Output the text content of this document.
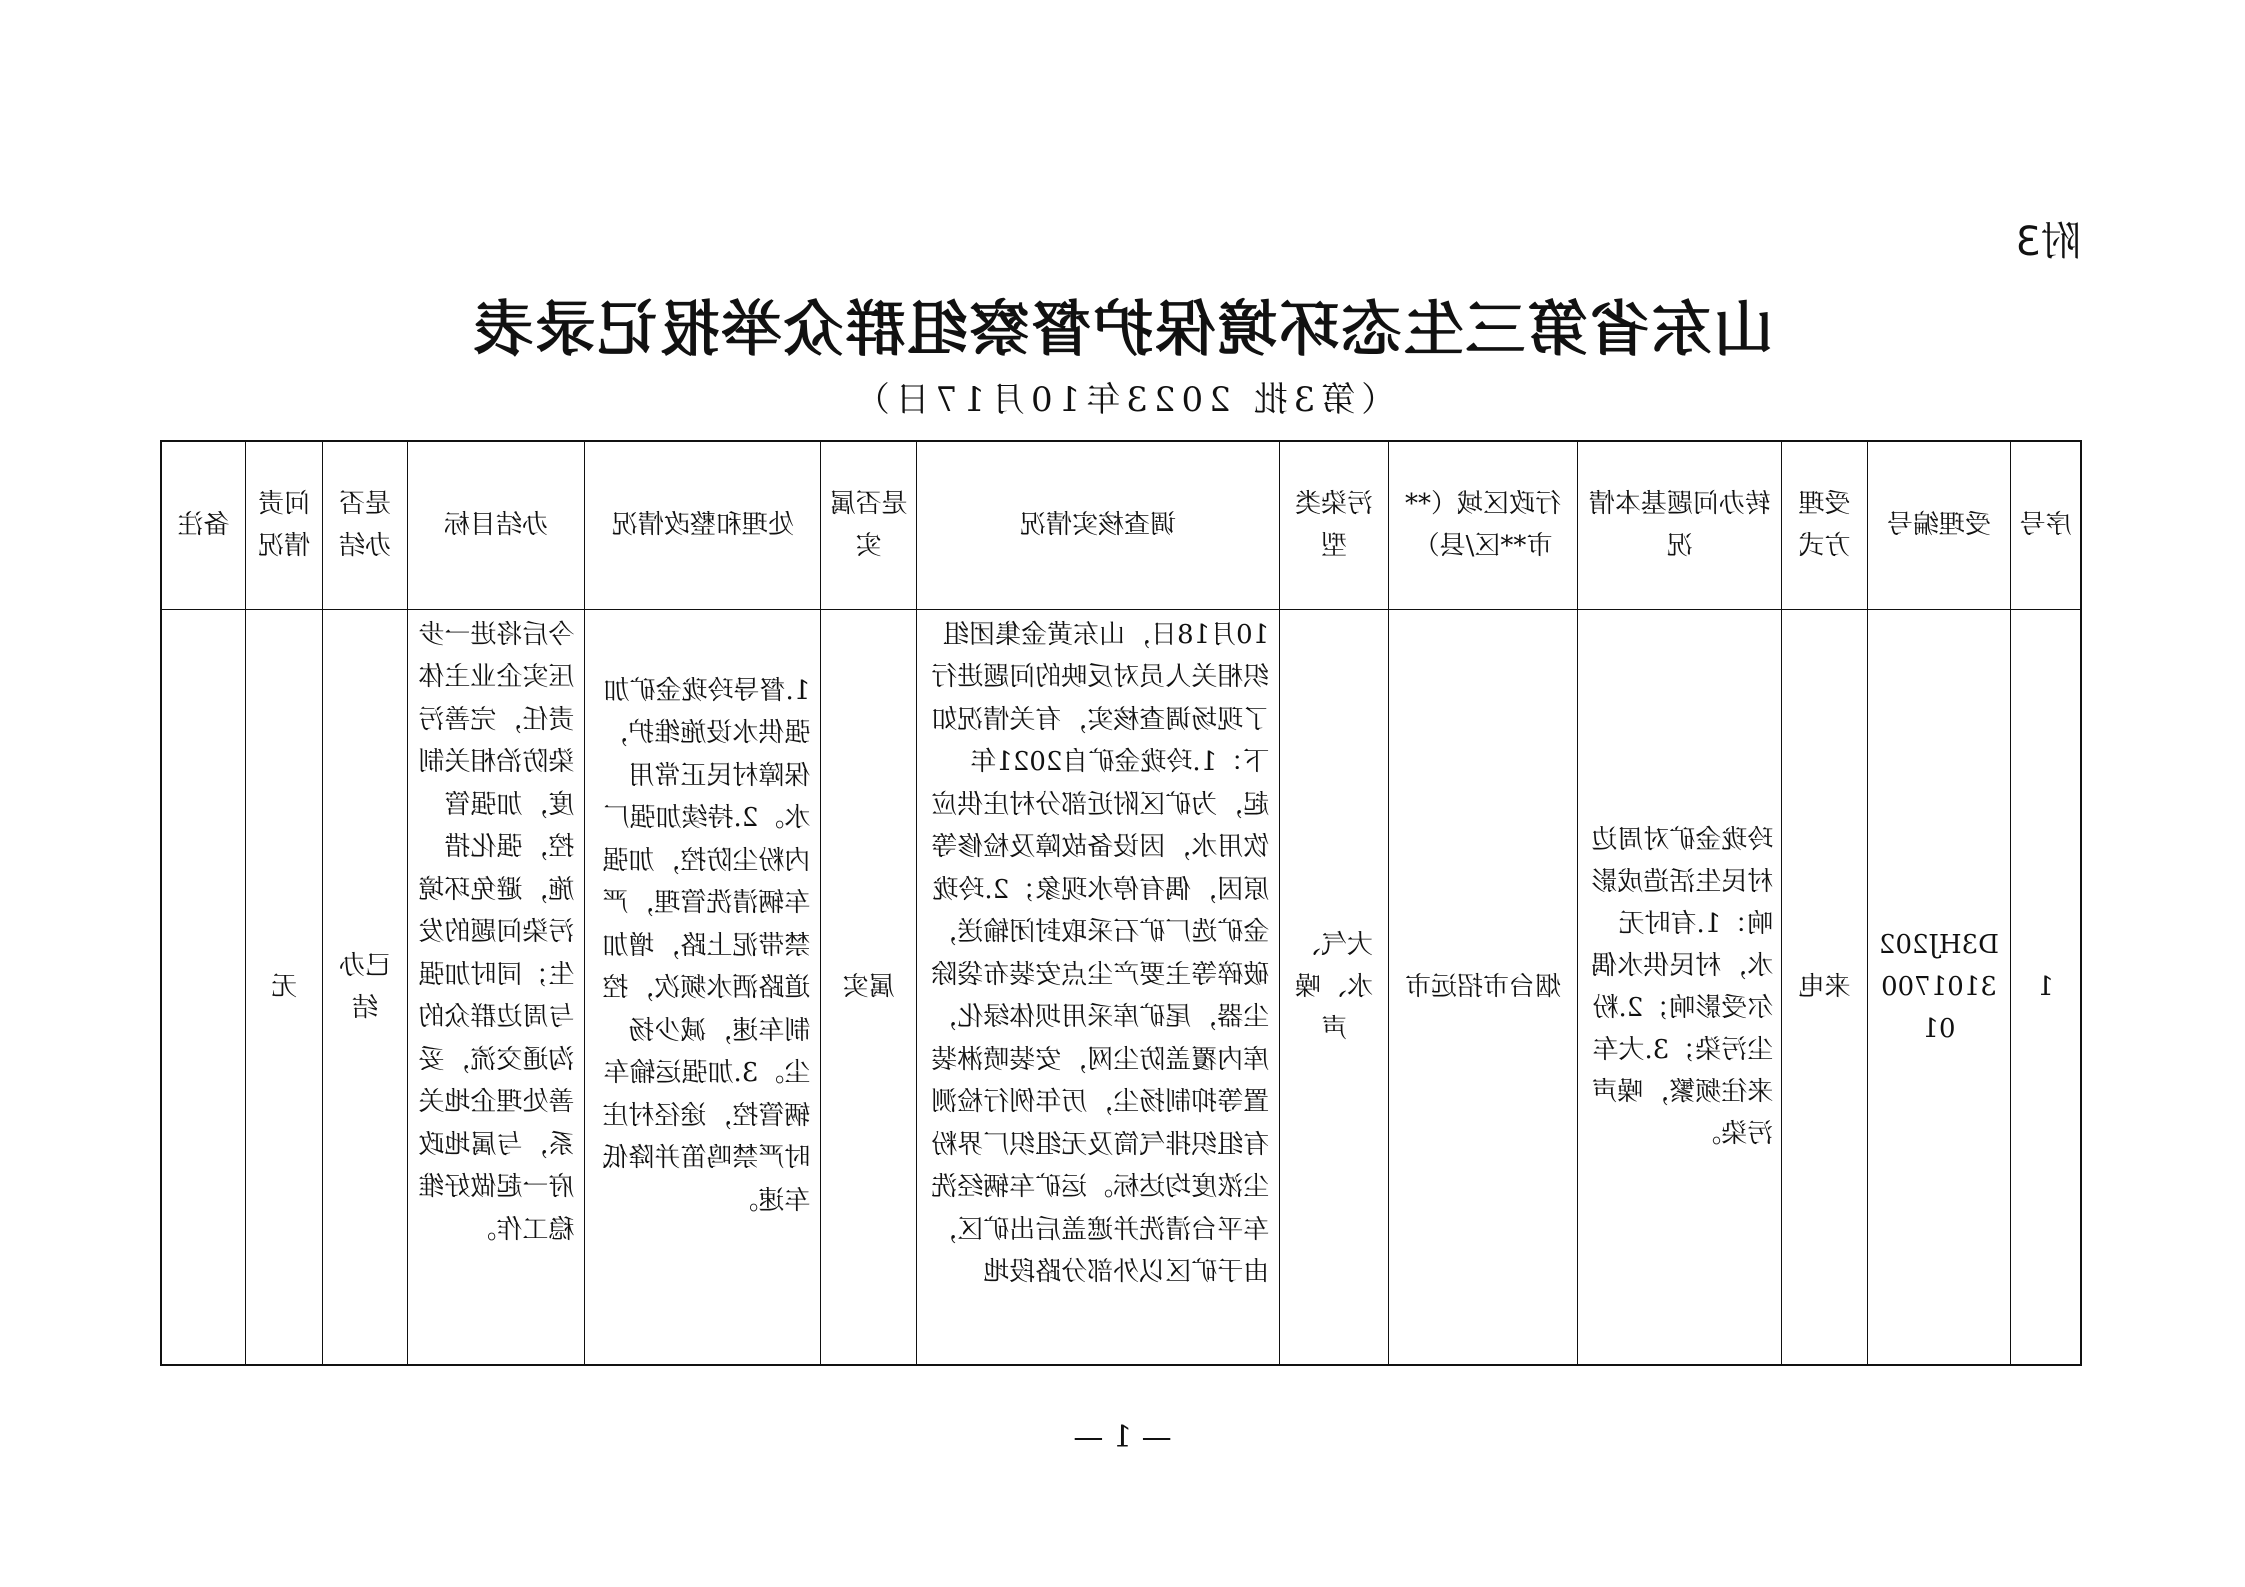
附3
山东省第三生态环境保护督察组群众举报记录表
（第3批 2023年10月17日）
序号	受理编号	受理方式	转办问题基本情况	行政区域（**市**区/县）	污染类型	调查核实情况	是否属实	处理和整改情况	办结目标	是否办结	问责情况	备注
1	D3HJ202310170001	来电	玲珑金矿对周边村民生活造成影响：1.有时无水，村民供水偶尔受影响；2.粉尘污染；3.大车来往频繁，噪声污染。	烟台市招远市	大气、水、噪声	10月18日，山东黄金集团组织相关人员对反映的问题进行了现场调查核实，有关情况如下：1.玲珑金矿自2021年起，为矿区附近部分村庄供应饮用水，因设备故障及检修等原因，偶有停水现象；2.玲珑金矿选厂矿石采取封闭输送，破碎等主要产尘点安装布袋除尘器，尾矿库采用坝体绿化，库内覆盖防尘网，安装喷淋装置等抑制扬尘，历年例行检测有组织排气筒及无组织厂界粉尘浓度均达标。运矿车辆经洗车平台清洗并遮盖后出矿区，由于矿区以外部分路段地	属实	1.督导玲珑金矿加强供水设施维护，保障村民正常用水。2.持续加强厂内粉尘防控，加强车辆清洗管理，严禁带泥上路，增加道路洒水频次，控制车速，减少扬尘。3.加强运输车辆管控，途径村庄时严禁鸣笛并降低车速。	今后将进一步压实企业主体责任，完善污染防治相关制度，加强管控，强化措施，避免环境污染问题的发生；同时加强与周边群众的沟通交流，妥善处理企地关系，与属地政府一起做好维稳工作。	已办结	无	
— 1 —
